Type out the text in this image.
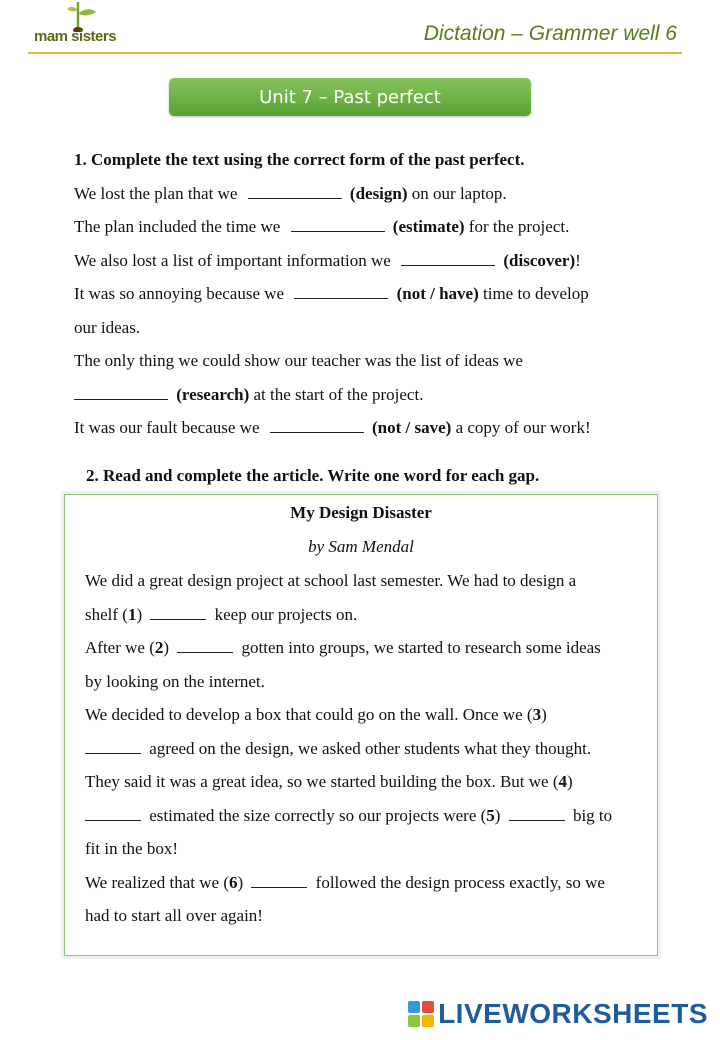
mam sisters	Dictation – Grammer well 6
Unit 7 – Past perfect
1. Complete the text using the correct form of the past perfect.
We lost the plan that we	(design) on our laptop.
The plan included the time we	(estimate) for the project.
We also lost a list of important information we	(discover)!
It was so annoying because we	(not / have) time to develop
our ideas.
The only thing we could show our teacher was the list of ideas we
(research) at the start of the project.
It was our fault because we	(not / save) a copy of our work!
2. Read and complete the article. Write one word for each gap.
My Design Disaster
by Sam Mendal
We did a great design project at school last semester. We had to design a
shelf (1)	keep our projects on.
After we (2)	gotten into groups, we started to research some ideas
by looking on the internet.
We decided to develop a box that could go on the wall. Once we (3)
agreed on the design, we asked other students what they thought.
They said it was a great idea, so we started building the box. But we (4)
estimated the size correctly so our projects were (5)	big to
fit in the box!
We realized that we (6)	followed the design process exactly, so we
had to start all over again!
LIVEWORKSHEETS
